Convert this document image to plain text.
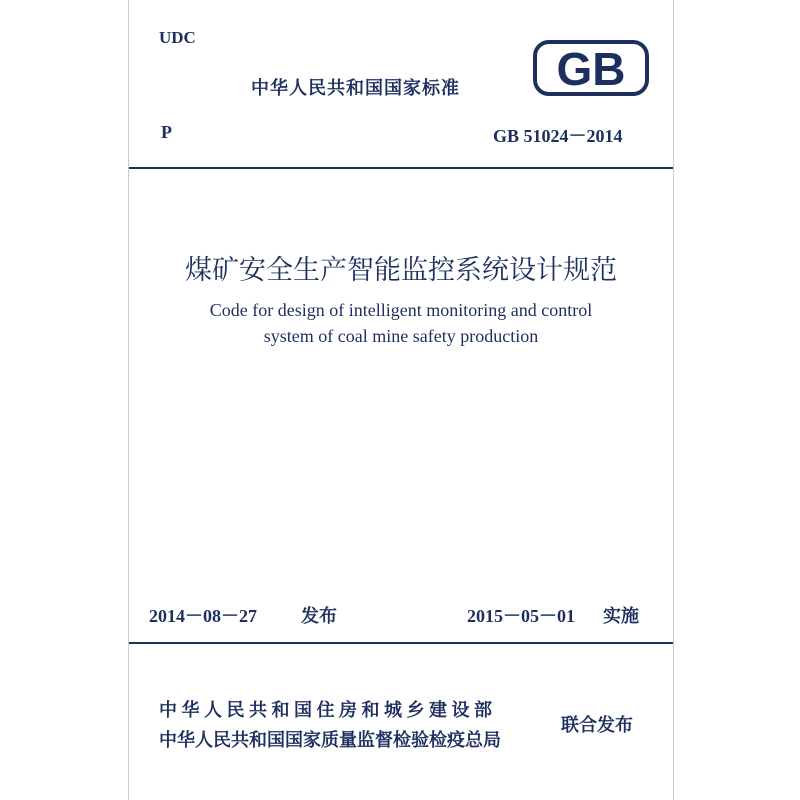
UDC
中华人民共和国国家标准 GB
P	GB 51024－2014
煤矿安全生产智能监控系统设计规范
Code for design of intelligent monitoring and control
system of coal mine safety production
2014－08－27 发布	2015－05－01 实施
中华人民共和国住房和城乡建设部
中华人民共和国国家质量监督检验检疫总局
联合发布
